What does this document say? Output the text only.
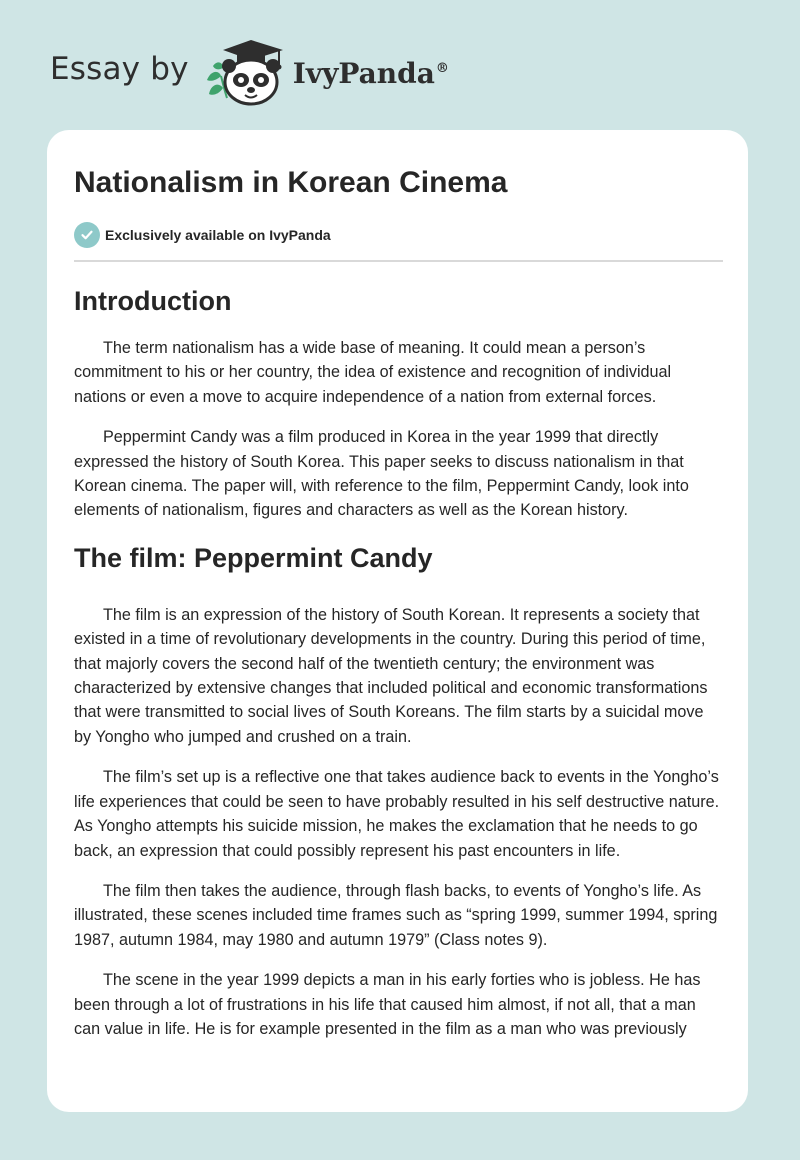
Essay by	IvyPanda®
Nationalism in Korean Cinema
Exclusively available on IvyPanda
Introduction

The term nationalism has a wide base of meaning. It could mean a person’s commitment to his or her country, the idea of existence and recognition of individual nations or even a move to acquire independence of a nation from external forces.

Peppermint Candy was a film produced in Korea in the year 1999 that directly expressed the history of South Korea. This paper seeks to discuss nationalism in that Korean cinema. The paper will, with reference to the film, Peppermint Candy, look into elements of nationalism, figures and characters as well as the Korean history.

The film: Peppermint Candy

The film is an expression of the history of South Korean. It represents a society that existed in a time of revolutionary developments in the country. During this period of time, that majorly covers the second half of the twentieth century; the environment was characterized by extensive changes that included political and economic transformations that were transmitted to social lives of South Koreans. The film starts by a suicidal move by Yongho who jumped and crushed on a train.

The film’s set up is a reflective one that takes audience back to events in the Yongho’s life experiences that could be seen to have probably resulted in his self destructive nature. As Yongho attempts his suicide mission, he makes the exclamation that he needs to go back, an expression that could possibly represent his past encounters in life.

The film then takes the audience, through flash backs, to events of Yongho’s life. As illustrated, these scenes included time frames such as “spring 1999, summer 1994, spring 1987, autumn 1984, may 1980 and autumn 1979” (Class notes 9).

The scene in the year 1999 depicts a man in his early forties who is jobless. He has been through a lot of frustrations in his life that caused him almost, if not all, that a man can value in life. He is for example presented in the film as a man who was previously
